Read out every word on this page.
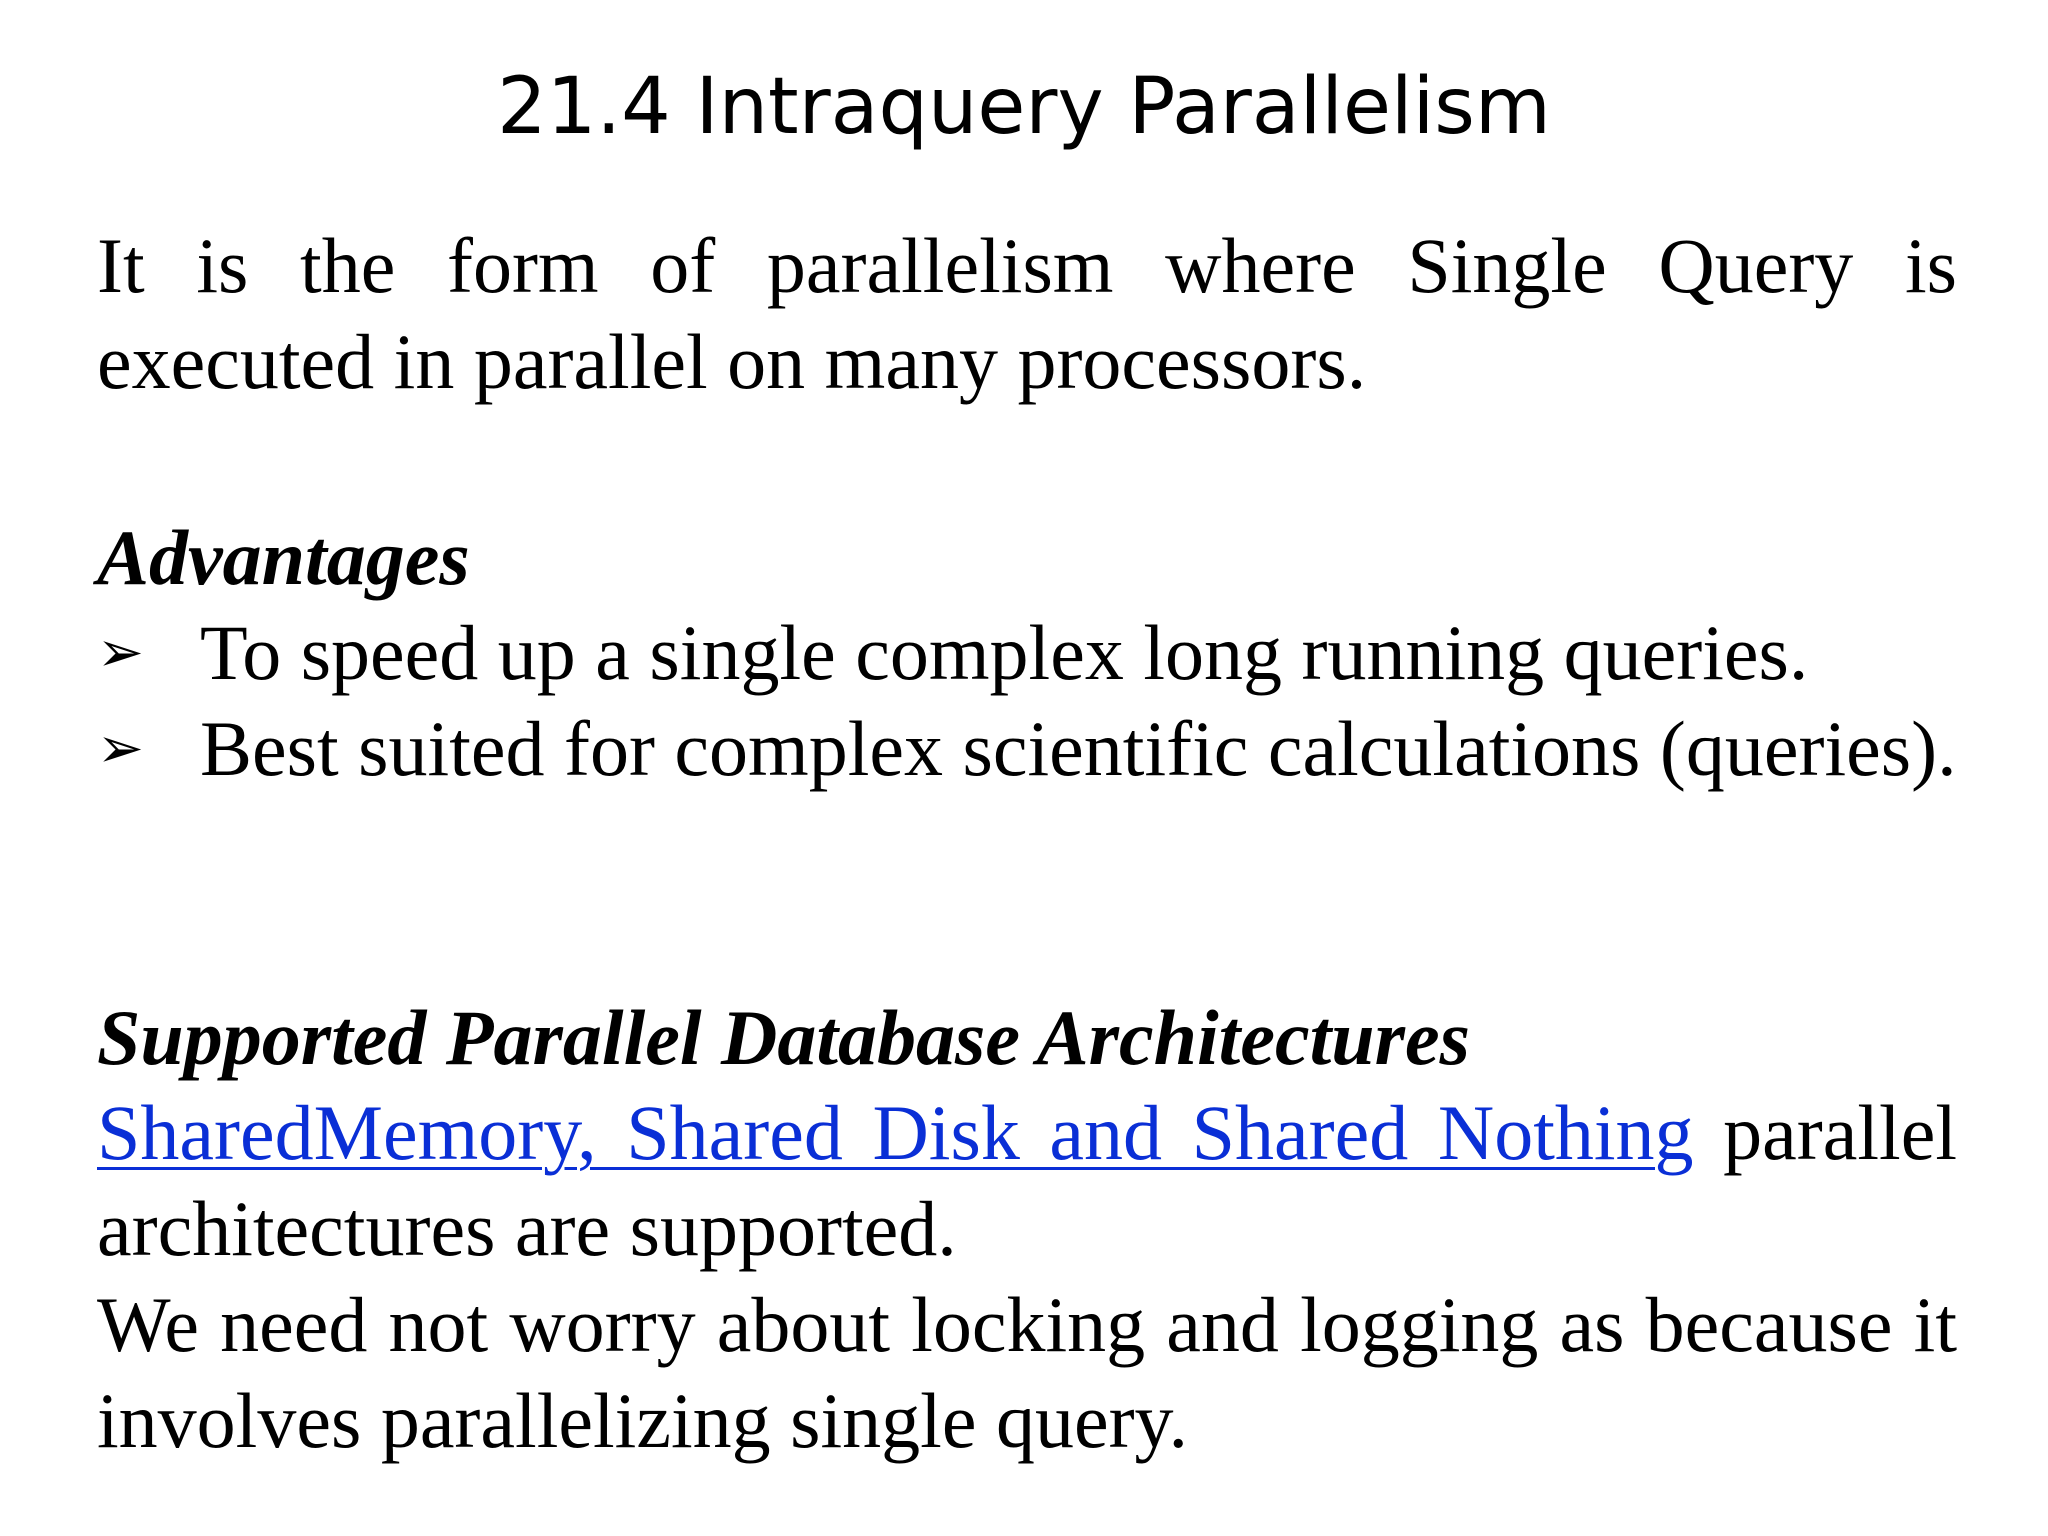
21.4 Intraquery Parallelism

It is the form of parallelism where Single Query is executed in parallel on many processors.

Advantages
➢ To speed up a single complex long running queries.
➢ Best suited for complex scientific calculations (queries).
Supported Parallel Database Architectures

SharedMemory, Shared Disk and Shared Nothing parallel architectures are supported.

We need not worry about locking and logging as because it involves parallelizing single query.
